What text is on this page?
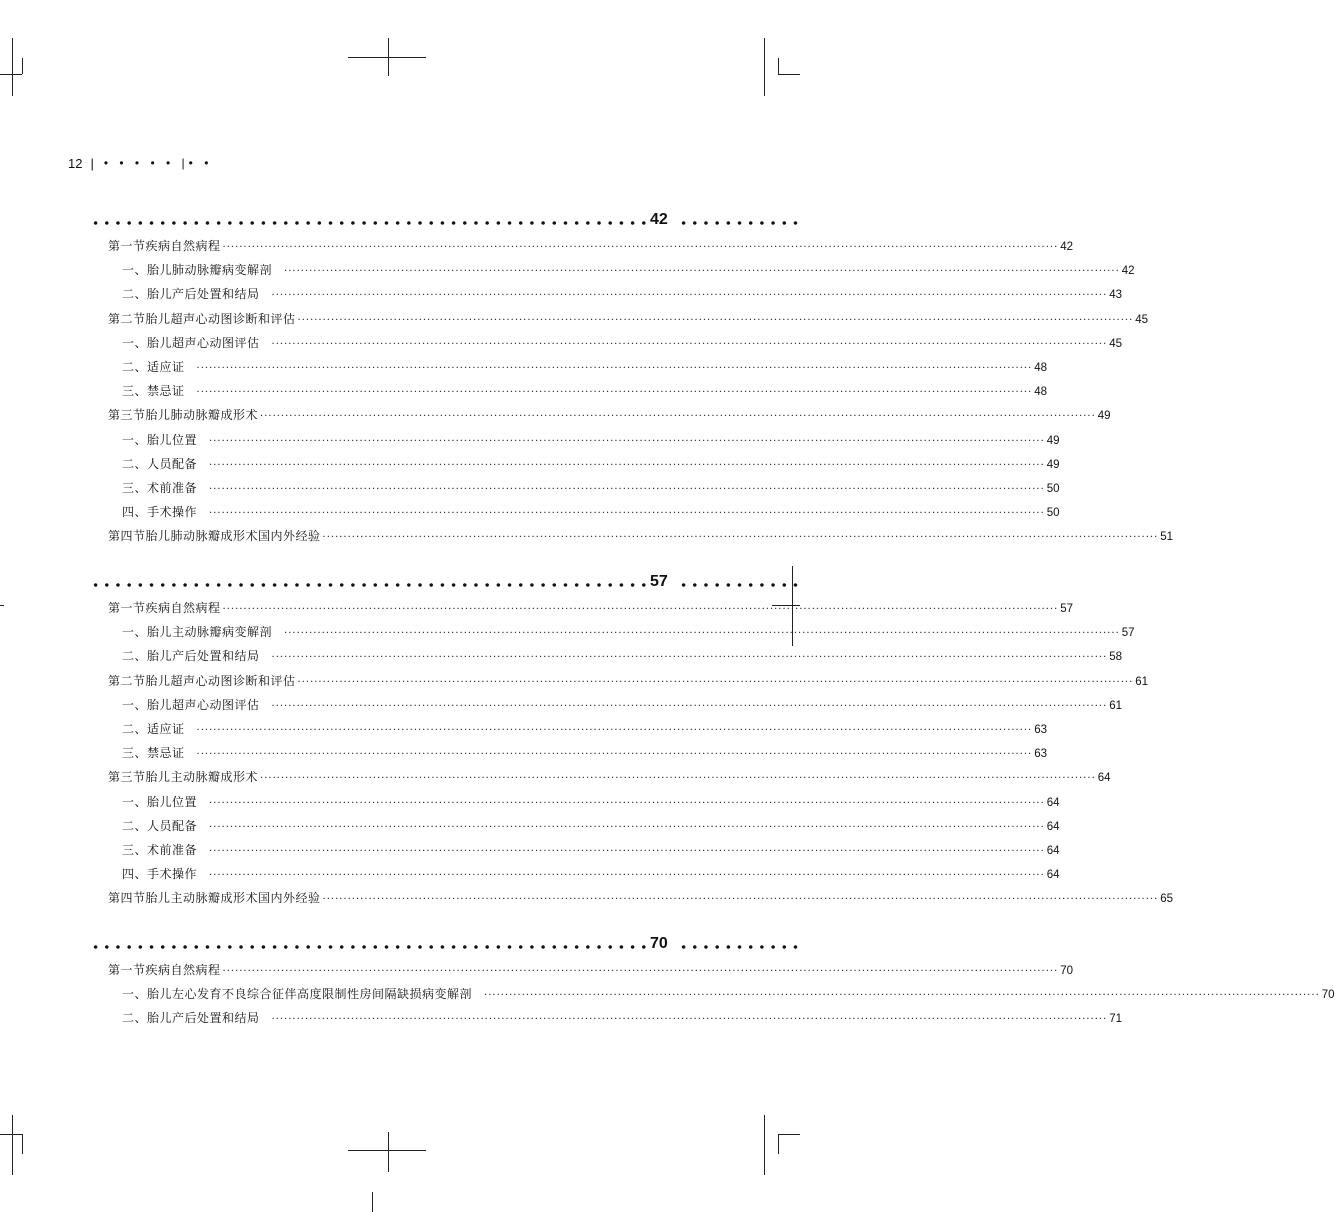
12 | • • • • • |• •
42
第一节 疾病自然病程 ········································································································································································································ 42
一、 胎儿肺动脉瓣病变解剖 ········································································································································································································ 42
二、 胎儿产后处置和结局 ········································································································································································································ 43
第二节 胎儿超声心动图诊断和评估 ········································································································································································································ 45
一、 胎儿超声心动图评估 ········································································································································································································ 45
二、 适应证 ········································································································································································································ 48
三、 禁忌证 ········································································································································································································ 48
第三节 胎儿肺动脉瓣成形术 ········································································································································································································ 49
一、 胎儿位置 ········································································································································································································ 49
二、 人员配备 ········································································································································································································ 49
三、 术前准备 ········································································································································································································ 50
四、 手术操作 ········································································································································································································ 50
第四节 胎儿肺动脉瓣成形术国内外经验 ········································································································································································································ 51
57
第一节 疾病自然病程 ········································································································································································································ 57
一、 胎儿主动脉瓣病变解剖 ········································································································································································································ 57
二、 胎儿产后处置和结局 ········································································································································································································ 58
第二节 胎儿超声心动图诊断和评估 ········································································································································································································ 61
一、 胎儿超声心动图评估 ········································································································································································································ 61
二、 适应证 ········································································································································································································ 63
三、 禁忌证 ········································································································································································································ 63
第三节 胎儿主动脉瓣成形术 ········································································································································································································ 64
一、 胎儿位置 ········································································································································································································ 64
二、 人员配备 ········································································································································································································ 64
三、 术前准备 ········································································································································································································ 64
四、 手术操作 ········································································································································································································ 64
第四节 胎儿主动脉瓣成形术国内外经验 ········································································································································································································ 65
70
第一节 疾病自然病程 ········································································································································································································ 70
一、 胎儿左心发育不良综合征伴高度限制性房间隔缺损病变解剖 ········································································································································································································ 70
二、 胎儿产后处置和结局 ········································································································································································································ 71
